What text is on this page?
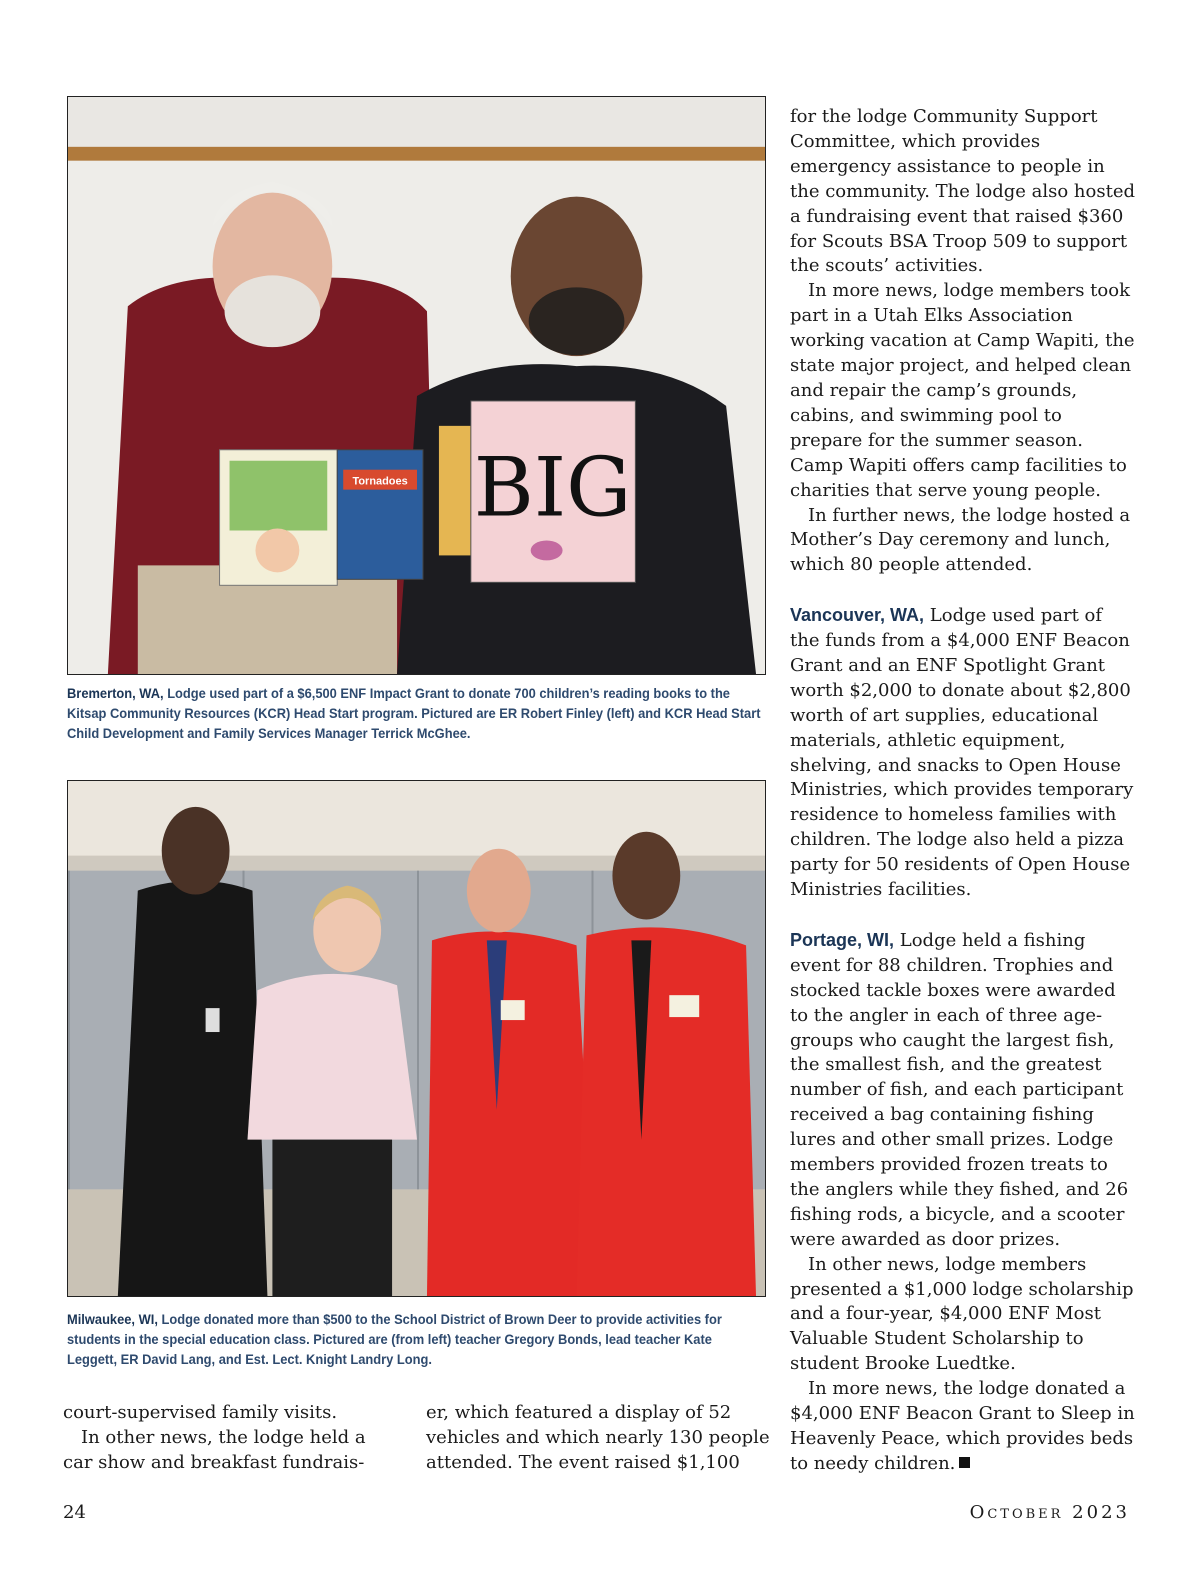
Tornadoes BIG

Bremerton, WA, Lodge used part of a $6,500 ENF Impact Grant to donate 700 children’s reading books to the Kitsap Community Resources (KCR) Head Start program. Pictured are ER Robert Finley (left) and KCR Head Start Child Development and Family Services Manager Terrick McGhee.

Milwaukee, WI, Lodge donated more than $500 to the School District of Brown Deer to provide activities for students in the special education class. Pictured are (from left) teacher Gregory Bonds, lead teacher Kate Leggett, ER David Lang, and Est. Lect. Knight Landry Long.

court-supervised family visits.

In other news, the lodge held a car show and breakfast fundrais-

er, which featured a display of 52 vehicles and which nearly 130 people attended. The event raised $1,100

for the lodge Community Support Committee, which provides emergency assistance to people in the community. The lodge also hosted a fundraising event that raised $360 for Scouts BSA Troop 509 to support the scouts’ activities.

In more news, lodge members took part in a Utah Elks Association working vacation at Camp Wapiti, the state major project, and helped clean and repair the camp’s grounds, cabins, and swimming pool to prepare for the summer season. Camp Wapiti offers camp facilities to charities that serve young people.

In further news, the lodge hosted a Mother’s Day ceremony and lunch, which 80 people attended.

Vancouver, WA, Lodge used part of the funds from a $4,000 ENF Beacon Grant and an ENF Spotlight Grant worth $2,000 to donate about $2,800 worth of art supplies, educational materials, athletic equipment, shelving, and snacks to Open House Ministries, which provides temporary residence to homeless families with children. The lodge also held a pizza party for 50 residents of Open House Ministries facilities.

Portage, WI, Lodge held a fishing event for 88 children. Trophies and stocked tackle boxes were awarded to the angler in each of three age-groups who caught the largest fish, the smallest fish, and the greatest number of fish, and each participant received a bag containing fishing lures and other small prizes. Lodge members provided frozen treats to the anglers while they fished, and 26 fishing rods, a bicycle, and a scooter were awarded as door prizes.

In other news, lodge members presented a $1,000 lodge scholarship and a four-year, $4,000 ENF Most Valuable Student Scholarship to student Brooke Luedtke.

In more news, the lodge donated a $4,000 ENF Beacon Grant to Sleep in Heavenly Peace, which provides beds to needy children.

24	October 2023
